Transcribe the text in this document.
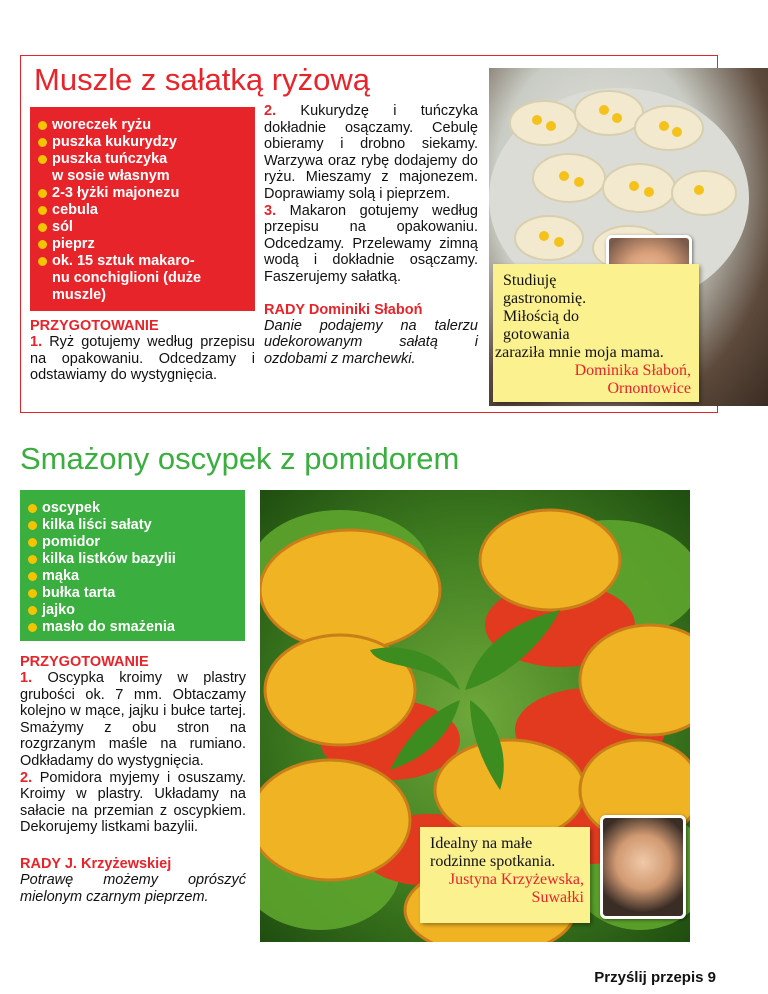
Muszle z sałatką ryżową
woreczek ryżu
puszka kukurydzy
puszka tuńczyka
w sosie własnym
2-3 łyżki majonezu
cebula
sól
pieprz
ok. 15 sztuk makaro-
nu conchiglioni (duże
muszle)
PRZYGOTOWANIE
1. Ryż gotujemy według przepisu na opakowaniu. Odcedzamy i odstawiamy do wystygnięcia.
2. Kukurydzę i tuńczyka dokładnie osączamy. Cebulę obieramy i drobno siekamy. Warzywa oraz rybę dodajemy do ryżu. Mieszamy z majonezem. Doprawiamy solą i pieprzem.
3. Makaron gotujemy według przepisu na opakowaniu. Odcedzamy. Przelewamy zimną wodą i dokładnie osączamy. Faszerujemy sałatką.
RADY Dominiki Słaboń
Danie podajemy na talerzu udekorowanym sałatą i ozdobami z marchewki.
Studiuję
gastronomię.
Miłością do
gotowania
zaraziła mnie moja mama.
Dominika Słaboń,
Ornontowice
Smażony oscypek z pomidorem
oscypek
kilka liści sałaty
pomidor
kilka listków bazylii
mąka
bułka tarta
jajko
masło do smażenia
PRZYGOTOWANIE
1. Oscypka kroimy w plastry grubości ok. 7 mm. Obtaczamy kolejno w mące, jajku i bułce tartej. Smażymy z obu stron na rozgrzanym maśle na rumiano. Odkładamy do wystygnięcia.
2. Pomidora myjemy i osuszamy. Kroimy w plastry. Układamy na sałacie na przemian z oscypkiem. Dekorujemy listkami bazylii.
RADY J. Krzyżewskiej
Potrawę możemy oprószyć mielonym czarnym pieprzem.
Idealny na małe
rodzinne spotkania.
Justyna Krzyżewska,
Suwałki
Przyślij przepis 9
